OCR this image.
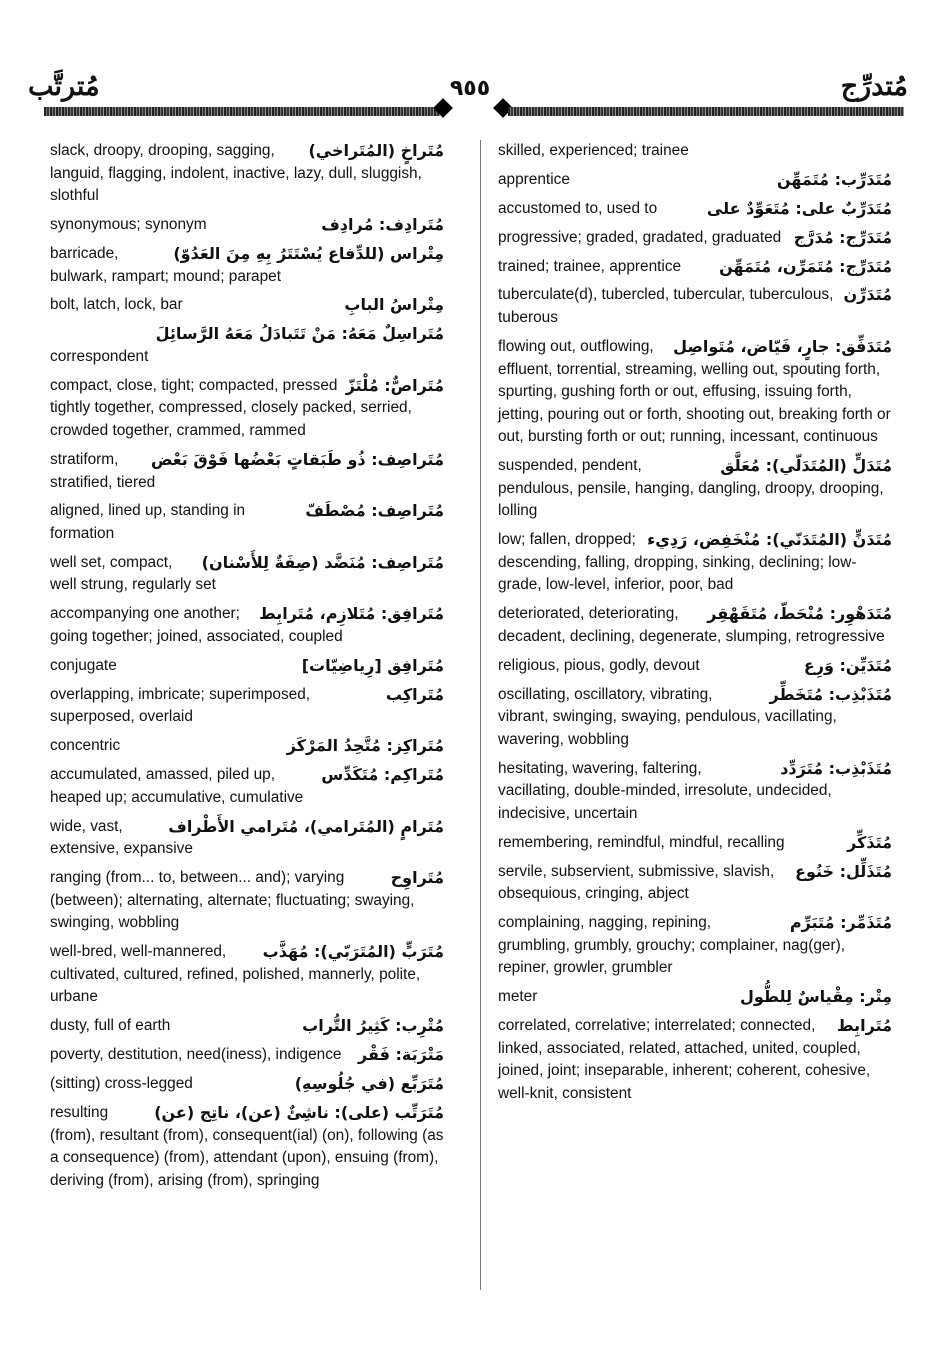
مُترتَّب	٩٥٥	مُتدرِّج
مُتَراخٍ (المُتَراخي)
slack, droopy, drooping, sagging, languid, flagging, indolent, inactive, lazy, dull, sluggish, slothful
مُتَرادِف: مُرادِف
synonymous; synonym
مِتْراس (للدِّفاع يُسْتَتَرُ بِهِ مِنَ العَدُوّ)
barricade, bulwark, rampart; mound; parapet
مِتْراسُ البابِ
bolt, latch, lock, bar
مُتَراسِلٌ مَعَهُ: مَنْ تَتَبادَلُ مَعَهُ الرَّسائِلَ
correspondent
مُتَراصٌّ: مُلْتَزّ
compact, close, tight; compacted, pressed tightly together, compressed, closely packed, serried, crowded together, crammed, rammed
مُتَراصِف: ذُو طَبَقاتٍ بَعْضُها فَوْقَ بَعْض
stratiform, stratified, tiered
مُتَراصِف: مُصْطَفّ
aligned, lined up, standing in formation
مُتَراصِف: مُنَضَّد (صِفَةٌ لِلأَسْنان)
well set, compact, well strung, regularly set
مُتَرافِق: مُتَلازِم، مُتَرابِط
accompanying one another; going together; joined, associated, coupled
مُتَرافِق [رِياضِيّات]
conjugate
مُتَراكِب
overlapping, imbricate; superimposed, superposed, overlaid
مُتَراكِز: مُتَّحِدُ المَرْكَز
concentric
مُتَراكِم: مُتَكَدِّس
accumulated, amassed, piled up, heaped up; accumulative, cumulative
مُتَرامٍ (المُتَرامي)، مُتَرامي الأَطْراف
wide, vast, extensive, expansive
مُتَراوِح
ranging (from... to, between... and); varying (between); alternating, alternate; fluctuating; swaying, swinging, wobbling
مُتَرَبٍّ (المُتَرَبّي): مُهَذَّب
well-bred, well-mannered, cultivated, cultured, refined, polished, mannerly, polite, urbane
مُتْرِب: كَثِيرُ التُّراب
dusty, full of earth
مَتْرَبَة: فَقْر
poverty, destitution, need(iness), indigence
مُتَرَبِّع (في جُلُوسِهِ)
(sitting) cross-legged
مُتَرَتِّب (على): ناشِئٌ (عن)، ناتِج (عن)
resulting (from), resultant (from), consequent(ial) (on), following (as a consequence) (from), attendant (upon), ensuing (from), deriving (from), arising (from), springing
skilled, experienced; trainee
مُتَدَرِّب: مُتَمَهِّن
apprentice
مُتَدَرِّبٌ على: مُتَعَوِّدٌ على
accustomed to, used to
مُتَدَرِّج: مُدَرَّج
progressive; graded, gradated, graduated
مُتَدَرِّج: مُتَمَرِّن، مُتَمَهِّن
trained; trainee, apprentice
مُتَدَرِّن
tuberculate(d), tubercled, tubercular, tuberculous, tuberous
مُتَدَفِّق: جارٍ، فَيّاض، مُتَواصِل
flowing out, outflowing, effluent, torrential, streaming, welling out, spouting forth, spurting, gushing forth or out, effusing, issuing forth, jetting, pouring out or forth, shooting out, breaking forth or out, bursting forth or out; running, incessant, continuous
مُتَدَلٍّ (المُتَدَلّي): مُعَلَّق
suspended, pendent, pendulous, pensile, hanging, dangling, droopy, drooping, lolling
مُتَدَنٍّ (المُتَدَنّي): مُنْخَفِض، رَدِيء
low; fallen, dropped; descending, falling, dropping, sinking, declining; low-grade, low-level, inferior, poor, bad
مُتَدَهْوِر: مُنْحَطّ، مُتَقَهْقِر
deteriorated, deteriorating, decadent, declining, degenerate, slumping, retrogressive
مُتَدَيِّن: وَرِع
religious, pious, godly, devout
مُتَذَبْذِب: مُتَخَطِّر
oscillating, oscillatory, vibrating, vibrant, swinging, swaying, pendulous, vacillating, wavering, wobbling
مُتَذَبْذِب: مُتَرَدِّد
hesitating, wavering, faltering, vacillating, double-minded, irresolute, undecided, indecisive, uncertain
مُتَذَكِّر
remembering, remindful, mindful, recalling
مُتَذَلِّل: خَنُوع
servile, subservient, submissive, slavish, obsequious, cringing, abject
مُتَذَمِّر: مُتَبَرِّم
complaining, nagging, repining, grumbling, grumbly, grouchy; complainer, nag(ger), repiner, growler, grumbler
مِتْر: مِقْياسٌ لِلطُّول
meter
مُتَرابِط
correlated, correlative; interrelated; connected, linked, associated, related, attached, united, coupled, joined, joint; inseparable, inherent; coherent, cohesive, well-knit, consistent
